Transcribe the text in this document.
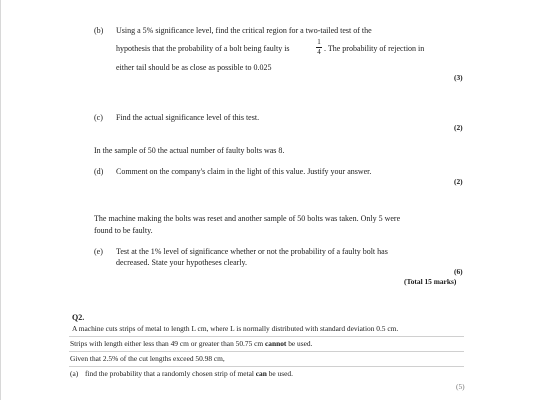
(b) Using a 5% significance level, find the critical region for a two-tailed test of the
hypothesis that the probability of a bolt being faulty is
1
4 . The probability of rejection in
either tail should be as close as possible to 0.025
(3)
(c) Find the actual significance level of this test.
(2)
In the sample of 50 the actual number of faulty bolts was 8.
(d) Comment on the company's claim in the light of this value. Justify your answer.
(2)
The machine making the bolts was reset and another sample of 50 bolts was taken. Only 5 were
found to be faulty.
(e) Test at the 1% level of significance whether or not the probability of a faulty bolt has
decreased. State your hypotheses clearly.
(6)
(Total 15 marks)
Q2.
A machine cuts strips of metal to length L cm, where L is normally distributed with standard deviation 0.5 cm.
Strips with length either less than 49 cm or greater than 50.75 cm cannot be used.
Given that 2.5% of the cut lengths exceed 50.98 cm,
(a) find the probability that a randomly chosen strip of metal can be used.
(5)
